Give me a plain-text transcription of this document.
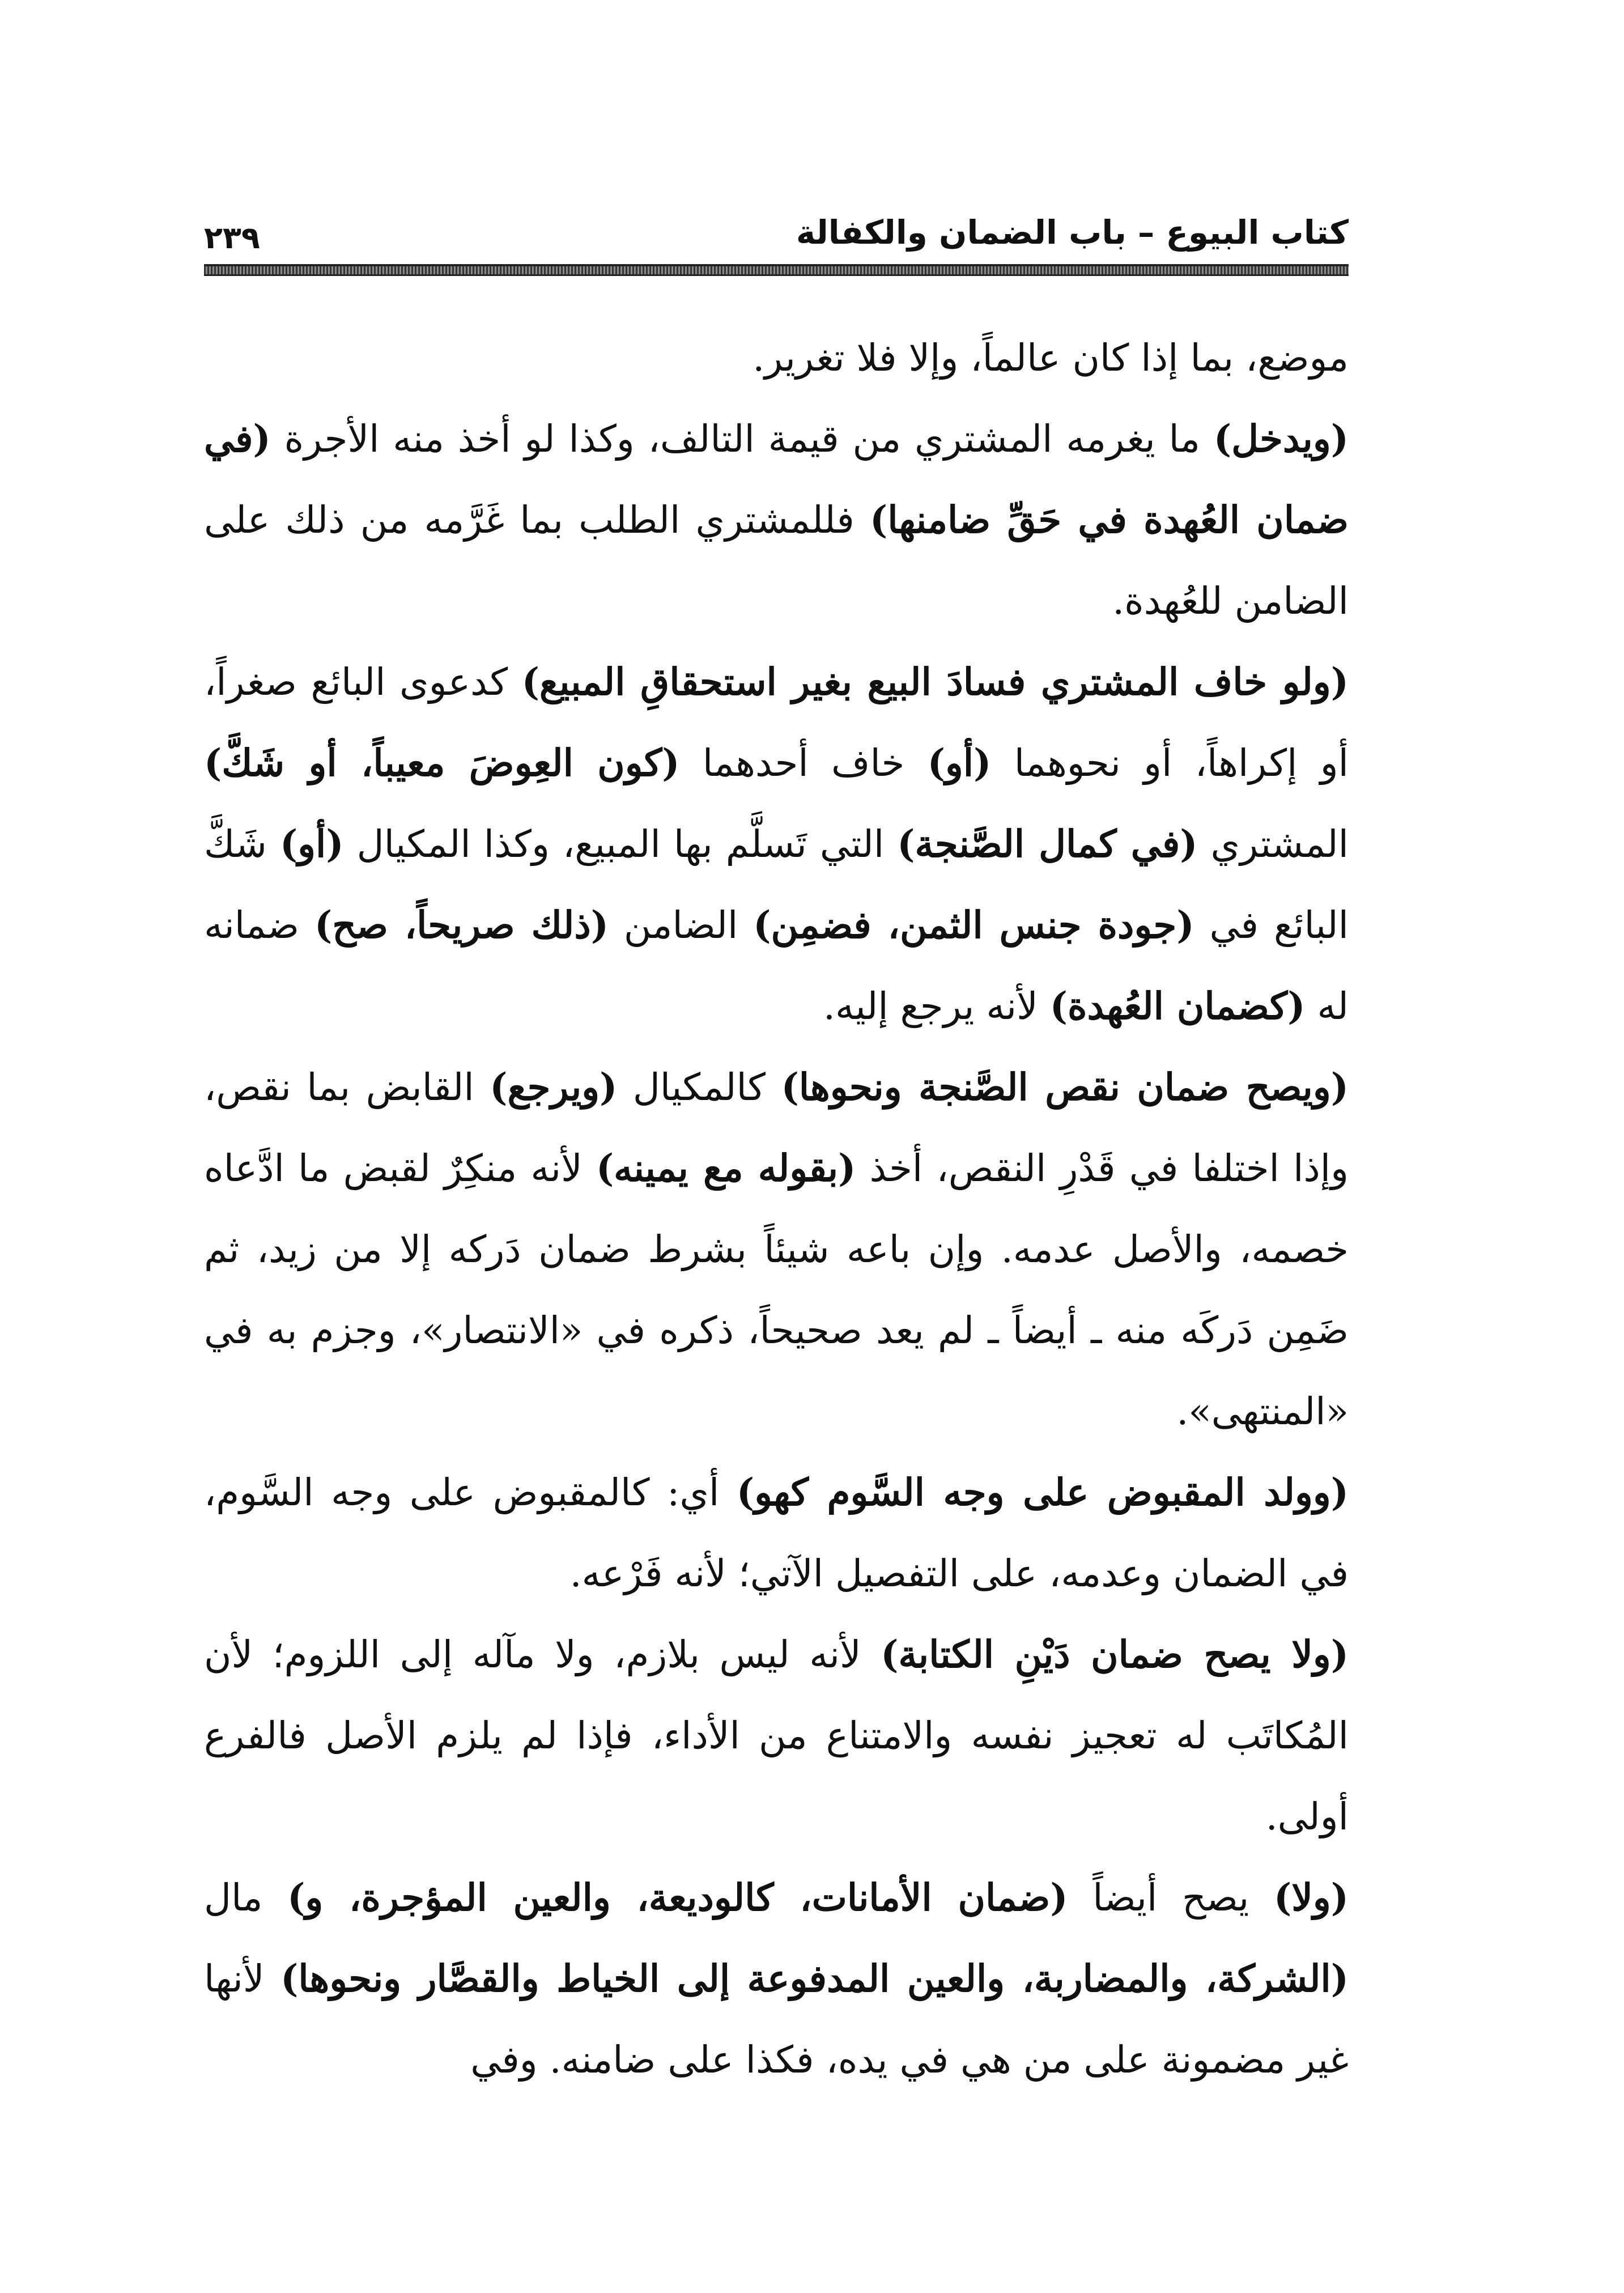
كتاب البيوع – باب الضمان والكفالة
٢٣٩

موضع، بما إذا كان عالماً، وإلا فلا تغرير.

(ويدخل) ما يغرمه المشتري من قيمة التالف، وكذا لو أخذ منه الأجرة (في ضمان العُهدة في حَقِّ ضامنها) فللمشتري الطلب بما غَرَّمه من ذلك على الضامن للعُهدة.

(ولو خاف المشتري فسادَ البيع بغير استحقاقِ المبيع) كدعوى البائع صغراً، أو إكراهاً، أو نحوهما (أو) خاف أحدهما (كون العِوضَ معيباً، أو شَكَّ) المشتري (في كمال الصَّنجة) التي تَسلَّم بها المبيع، وكذا المكيال (أو) شَكَّ البائع في (جودة جنس الثمن، فضمِن) الضامن (ذلك صريحاً، صح) ضمانه له (كضمان العُهدة) لأنه يرجع إليه.

(ويصح ضمان نقص الصَّنجة ونحوها) كالمكيال (ويرجع) القابض بما نقص، وإذا اختلفا في قَدْرِ النقص، أخذ (بقوله مع يمينه) لأنه منكِرٌ لقبض ما ادَّعاه خصمه، والأصل عدمه. وإن باعه شيئاً بشرط ضمان دَركه إلا من زيد، ثم ضَمِن دَركَه منه ـ أيضاً ـ لم يعد صحيحاً، ذكره في «الانتصار»، وجزم به في «المنتهى».

(وولد المقبوض على وجه السَّوم كهو) أي: كالمقبوض على وجه السَّوم، في الضمان وعدمه، على التفصيل الآتي؛ لأنه فَرْعه.

(ولا يصح ضمان دَيْنِ الكتابة) لأنه ليس بلازم، ولا مآله إلى اللزوم؛ لأن المُكاتَب له تعجيز نفسه والامتناع من الأداء، فإذا لم يلزم الأصل فالفرع أولى.

(ولا) يصح أيضاً (ضمان الأمانات، كالوديعة، والعين المؤجرة، و) مال (الشركة، والمضاربة، والعين المدفوعة إلى الخياط والقصَّار ونحوها) لأنها غير مضمونة على من هي في يده، فكذا على ضامنه. وفي
